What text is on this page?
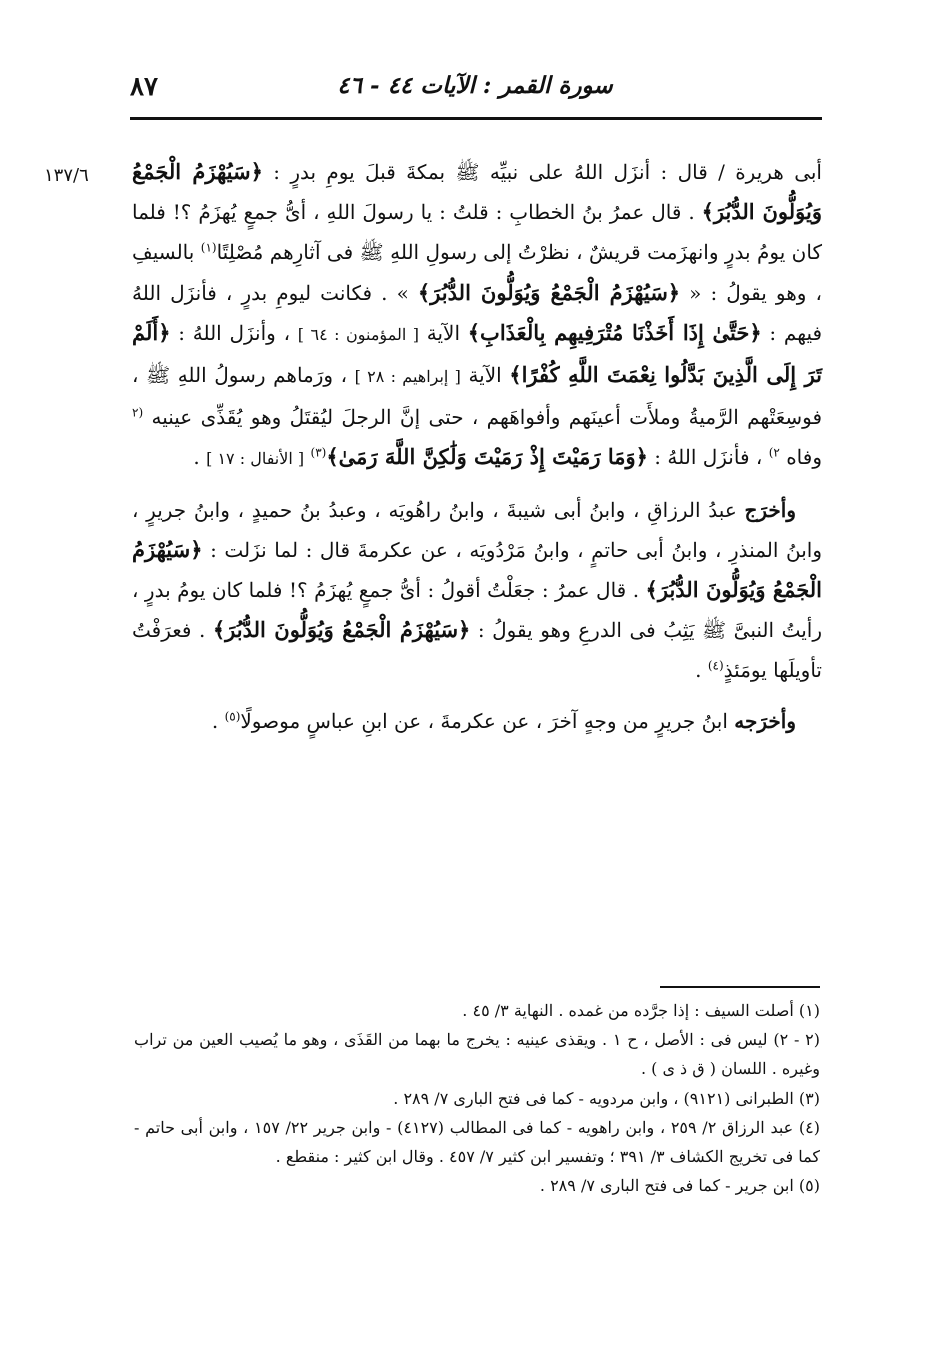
سورة القمر : الآيات ٤٤ - ٤٦
٨٧
١٣٧/٦	أبى هريرة / قال : أنزَل اللهُ على نبيِّه ﷺ بمكةَ قبلَ يومِ بدرٍ : ﴿سَيُهْزَمُ الْجَمْعُ وَيُوَلُّونَ الدُّبُرَ﴾ . قال عمرُ بنُ الخطابِ : قلتُ : يا رسولَ اللهِ ، أىُّ جمعٍ يُهزَمُ ؟! فلما كان يومُ بدرٍ وانهزَمت قريشٌ ، نظرْتُ إلى رسولِ اللهِ ﷺ فى آثارِهم مُصْلِتًا$^{(١)}$ بالسيفِ ، وهو يقولُ : « ﴿سَيُهْزَمُ الْجَمْعُ وَيُوَلُّونَ الدُّبُرَ﴾ » . فكانت ليومِ بدرٍ ، فأنزَل اللهُ فيهم : ﴿حَتَّىٰ إِذَا أَخَذْنَا مُتْرَفِيهِم بِالْعَذَابِ﴾ الآية [ المؤمنون : ٦٤ ] ، وأنزَل اللهُ : ﴿أَلَمْ تَرَ إِلَى الَّذِينَ بَدَّلُوا نِعْمَتَ اللَّهِ كُفْرًا﴾ الآية [ إبراهيم : ٢٨ ] ، ورَماهم رسولُ اللهِ ﷺ ، فوسِعَتْهم الرَّميةُ وملأَت أعينَهم وأفواهَهم ، حتى إنَّ الرجلَ ليُقتَلُ وهو يُقَذِّى عينيه $^{(٢}$ وفاه $^{٢)}$ ، فأنزَل اللهُ : ﴿وَمَا رَمَيْتَ إِذْ رَمَيْتَ وَلَٰكِنَّ اللَّهَ رَمَىٰ﴾$^{(٣)}$ [ الأنفال : ١٧ ] .

وأخرَج عبدُ الرزاقِ ، وابنُ أبى شيبةَ ، وابنُ راهُويَه ، وعبدُ بنُ حميدٍ ، وابنُ جريرٍ ، وابنُ المنذرِ ، وابنُ أبى حاتمٍ ، وابنُ مَرْدُويَه ، عن عكرمةَ قال : لما نزَلت : ﴿سَيُهْزَمُ الْجَمْعُ وَيُوَلُّونَ الدُّبُرَ﴾ . قال عمرُ : جعَلْتُ أقولُ : أىُّ جمعٍ يُهزَمُ ؟! فلما كان يومُ بدرٍ ، رأيتُ النبىَّ ﷺ يَثِبُ فى الدرعِ وهو يقولُ : ﴿سَيُهْزَمُ الْجَمْعُ وَيُوَلُّونَ الدُّبُرَ﴾ . فعرَفْتُ تأويلَها يومَئذٍ$^{(٤)}$ .

وأخرَجه ابنُ جريرٍ من وجهٍ آخرَ ، عن عكرمةَ ، عن ابنِ عباسٍ موصولًا$^{(٥)}$ .

(١) أصلت السيف : إذا جرَّده من غمده . النهاية ٣/ ٤٥ .

(٢ - ٢) ليس فى : الأصل ، ح ١ . ويقذى عينيه : يخرج ما بهما من القَذَى ، وهو ما يُصيب العين من تراب وغيره . اللسان ( ق ذ ى ) .

(٣) الطبرانى (٩١٢١) ، وابن مردويه - كما فى فتح البارى ٧/ ٢٨٩ .

(٤) عبد الرزاق ٢/ ٢٥٩ ، وابن راهويه - كما فى المطالب (٤١٢٧) - وابن جرير ٢٢/ ١٥٧ ، وابن أبى حاتم - كما فى تخريج الكشاف ٣/ ٣٩١ ؛ وتفسير ابن كثير ٧/ ٤٥٧ . وقال ابن كثير : منقطع .

(٥) ابن جرير - كما فى فتح البارى ٧/ ٢٨٩ .
